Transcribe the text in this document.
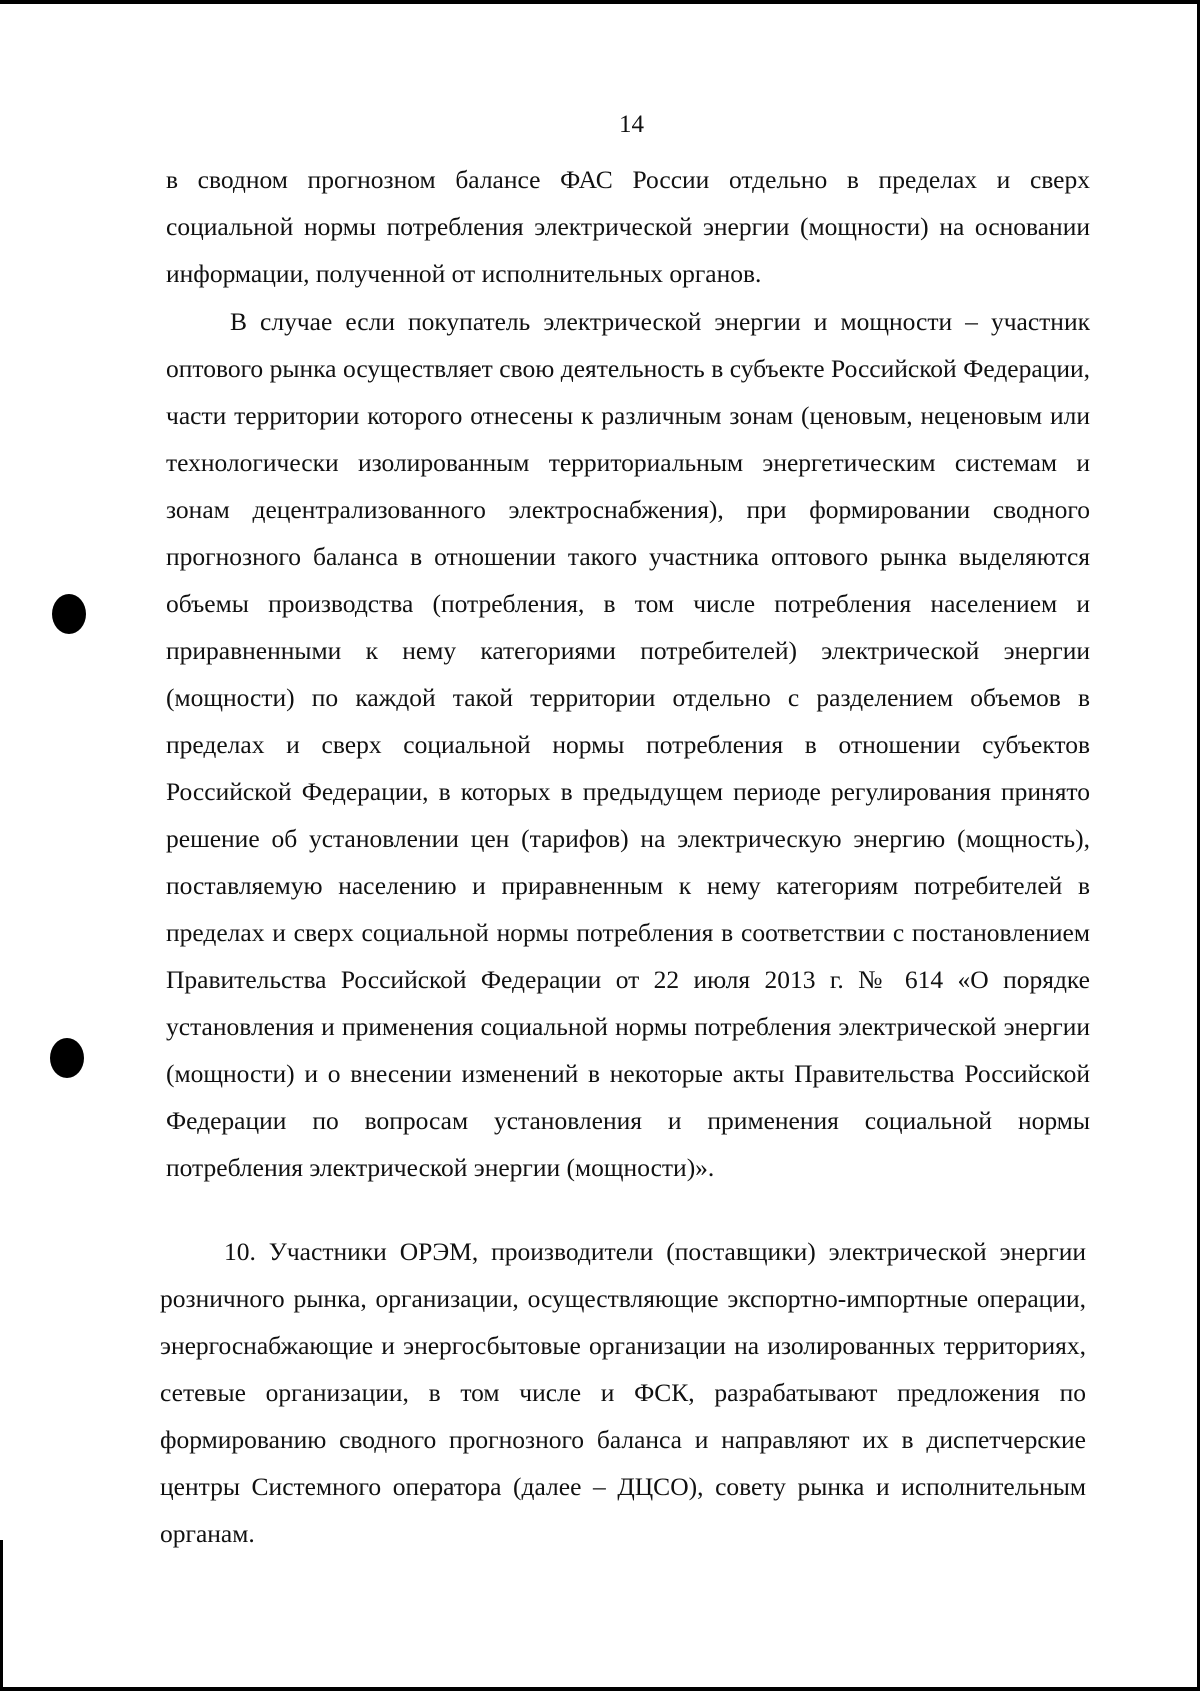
14

в сводном прогнозном балансе ФАС России отдельно в пределах и сверх социальной нормы потребления электрической энергии (мощности) на основании информации, полученной от исполнительных органов.

В случае если покупатель электрической энергии и мощности – участник оптового рынка осуществляет свою деятельность в субъекте Российской Федерации, части территории которого отнесены к различным зонам (ценовым, неценовым или технологически изолированным территориальным энергетическим системам и зонам децентрализованного электроснабжения), при формировании сводного прогнозного баланса в отношении такого участника оптового рынка выделяются объемы производства (потребления, в том числе потребления населением и приравненными к нему категориями потребителей) электрической энергии (мощности) по каждой такой территории отдельно с разделением объемов в пределах и сверх социальной нормы потребления в отношении субъектов Российской Федерации, в которых в предыдущем периоде регулирования принято решение об установлении цен (тарифов) на электрическую энергию (мощность), поставляемую населению и приравненным к нему категориям потребителей в пределах и сверх социальной нормы потребления в соответствии с постановлением Правительства Российской Федерации от 22 июля 2013 г. № 614 «О порядке установления и применения социальной нормы потребления электрической энергии (мощности) и о внесении изменений в некоторые акты Правительства Российской Федерации по вопросам установления и применения социальной нормы потребления электрической энергии (мощности)».

10. Участники ОРЭМ, производители (поставщики) электрической энергии розничного рынка, организации, осуществляющие экспортно-импортные операции, энергоснабжающие и энергосбытовые организации на изолированных территориях, сетевые организации, в том числе и ФСК, разрабатывают предложения по формированию сводного прогнозного баланса и направляют их в диспетчерские центры Системного оператора (далее – ДЦСО), совету рынка и исполнительным органам.
